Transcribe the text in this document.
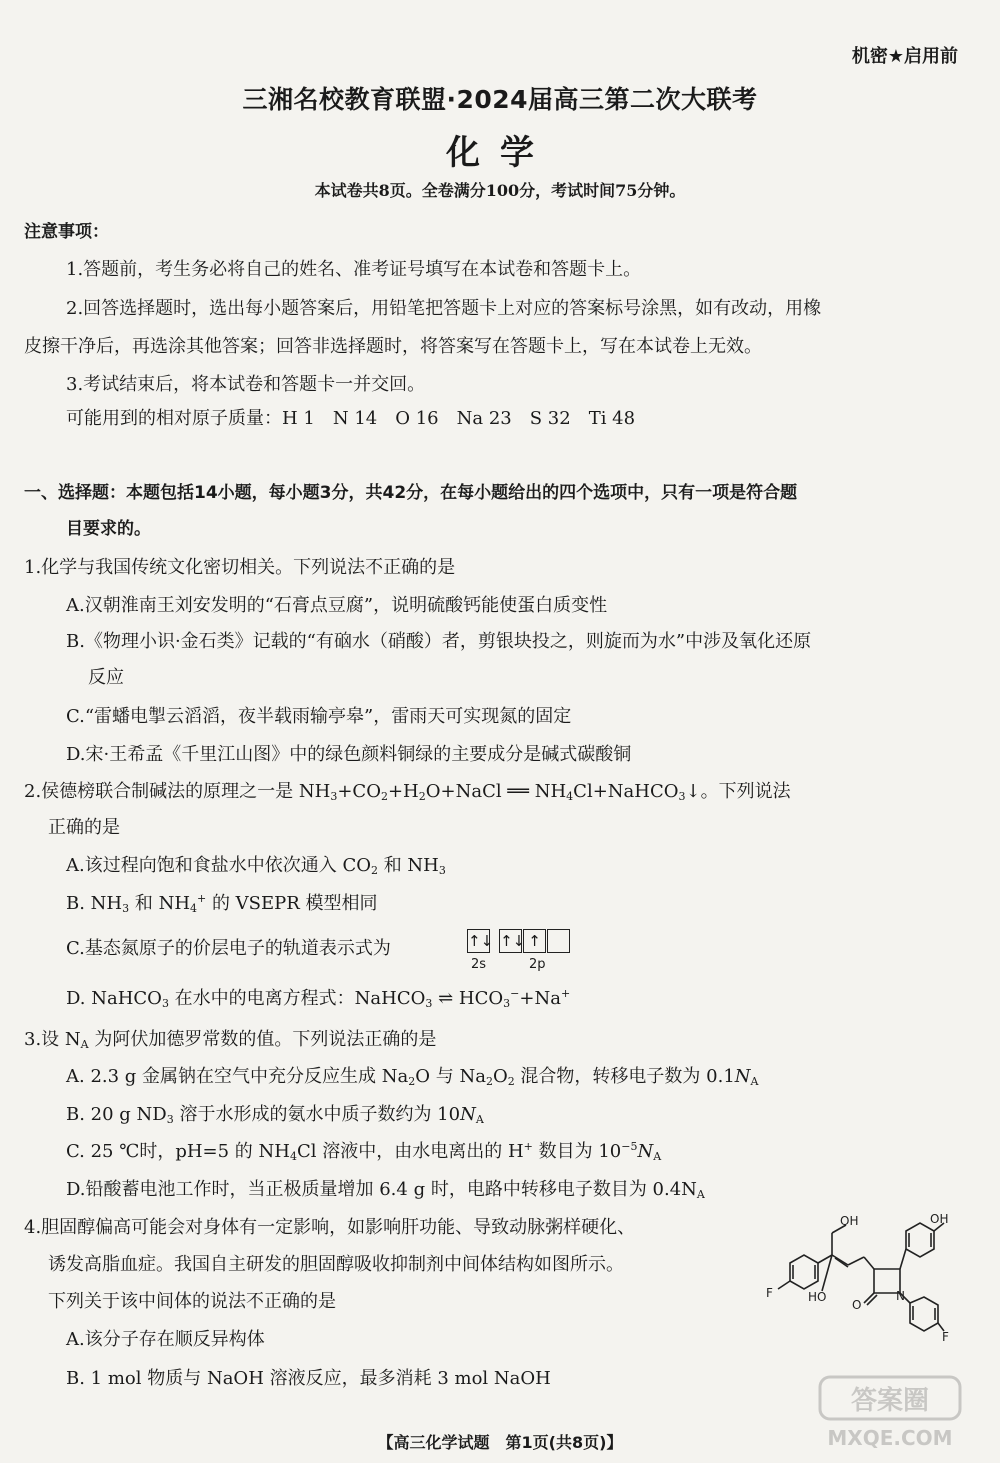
机密★启用前
三湘名校教育联盟·2024届高三第二次大联考
化学
本试卷共8页。全卷满分100分，考试时间75分钟。
注意事项：
1.答题前，考生务必将自己的姓名、准考证号填写在本试卷和答题卡上。
2.回答选择题时，选出每小题答案后，用铅笔把答题卡上对应的答案标号涂黑，如有改动，用橡
皮擦干净后，再选涂其他答案；回答非选择题时，将答案写在答题卡上，写在本试卷上无效。
3.考试结束后，将本试卷和答题卡一并交回。
可能用到的相对原子质量：H 1　N 14　O 16　Na 23　S 32　Ti 48
一、选择题：本题包括14小题，每小题3分，共42分，在每小题给出的四个选项中，只有一项是符合题
目要求的。
1.化学与我国传统文化密切相关。下列说法不正确的是
A.汉朝淮南王刘安发明的“石膏点豆腐”，说明硫酸钙能使蛋白质变性
B.《物理小识·金石类》记载的“有硇水（硝酸）者，剪银块投之，则旋而为水”中涉及氧化还原
反应
C.“雷蟠电掣云滔滔，夜半载雨输亭皋”，雷雨天可实现氮的固定
D.宋·王希孟《千里江山图》中的绿色颜料铜绿的主要成分是碱式碳酸铜
2.侯德榜联合制碱法的原理之一是 $NH_3+CO_2+H_2O+NaCl$ ══ $NH_4Cl+NaHCO_3↓$。下列说法
正确的是
A.该过程向饱和食盐水中依次通入 $CO_2$ 和 $NH_3$
B. $NH_3$ 和 $NH_4^+$ 的 VSEPR 模型相同
C.基态氮原子的价层电子的轨道表示式为	↑↓ ↑↓ ↑
2s	2p
D. NaHCO$_3$ 在水中的电离方程式：NaHCO$_3$ ⇌ $HCO_3^-+Na^+$
3.设 $N_A$ 为阿伏加德罗常数的值。下列说法正确的是
A. 2.3 g 金属钠在空气中充分反应生成 $Na_2O$ 与 $Na_2O_2$ 混合物，转移电子数为 $0.1N_A$
B. 20 g $ND_3$ 溶于水形成的氨水中质子数约为 $10N_A$
C. 25 ℃时，pH=5 的 $NH_4Cl$ 溶液中，由水电离出的 H+ 数目为 $10^{-5}N_A$
D.铅酸蓄电池工作时，当正极质量增加 6.4 g 时，电路中转移电子数目为 $0.4N_A$
4.胆固醇偏高可能会对身体有一定影响，如影响肝功能、导致动脉粥样硬化、
诱发高脂血症。我国自主研发的胆固醇吸收抑制剂中间体结构如图所示。
下列关于该中间体的说法不正确的是
A.该分子存在顺反异构体
B. 1 mol 物质与 NaOH 溶液反应，最多消耗 3 mol NaOH
OH	OH
HO
O
N
F
F
【高三化学试题　第1页(共8页)】
答案圈
MXQE.COM
